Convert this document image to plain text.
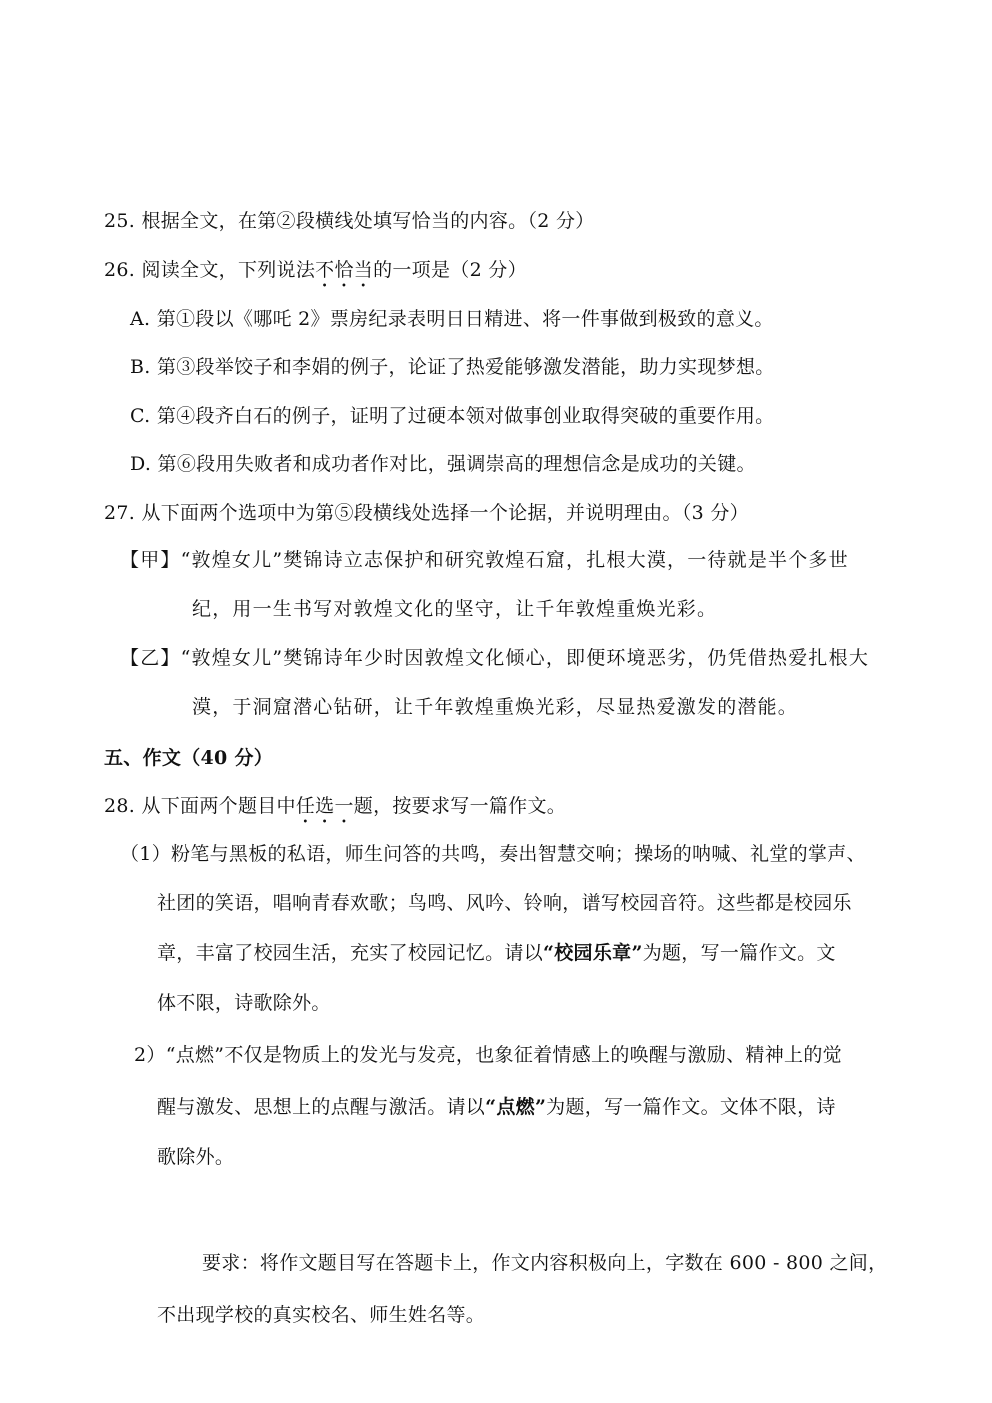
25. 根据全文，在第②段横线处填写恰当的内容。（2 分）
26. 阅读全文，下列说法不恰当的一项是（2 分）
A. 第①段以《哪吒 2》票房纪录表明日日精进、将一件事做到极致的意义。
B. 第③段举饺子和李娟的例子，论证了热爱能够激发潜能，助力实现梦想。
C. 第④段齐白石的例子，证明了过硬本领对做事创业取得突破的重要作用。
D. 第⑥段用失败者和成功者作对比，强调崇高的理想信念是成功的关键。
27. 从下面两个选项中为第⑤段横线处选择一个论据，并说明理由。（3 分）
【甲】“敦煌女儿”樊锦诗立志保护和研究敦煌石窟，扎根大漠，一待就是半个多世
纪，用一生书写对敦煌文化的坚守，让千年敦煌重焕光彩。
【乙】“敦煌女儿”樊锦诗年少时因敦煌文化倾心，即便环境恶劣，仍凭借热爱扎根大
漠，于洞窟潜心钻研，让千年敦煌重焕光彩，尽显热爱激发的潜能。
五、作文（40 分）
28. 从下面两个题目中任选一题，按要求写一篇作文。
（1）粉笔与黑板的私语，师生问答的共鸣，奏出智慧交响；操场的呐喊、礼堂的掌声、
社团的笑语，唱响青春欢歌；鸟鸣、风吟、铃响，谱写校园音符。这些都是校园乐
章，丰富了校园生活，充实了校园记忆。请以“校园乐章”为题，写一篇作文。文
体不限，诗歌除外。
2）“点燃”不仅是物质上的发光与发亮，也象征着情感上的唤醒与激励、精神上的觉
醒与激发、思想上的点醒与激活。请以“点燃”为题，写一篇作文。文体不限，诗
歌除外。
要求：将作文题目写在答题卡上，作文内容积极向上，字数在 600 - 800 之间，
不出现学校的真实校名、师生姓名等。
